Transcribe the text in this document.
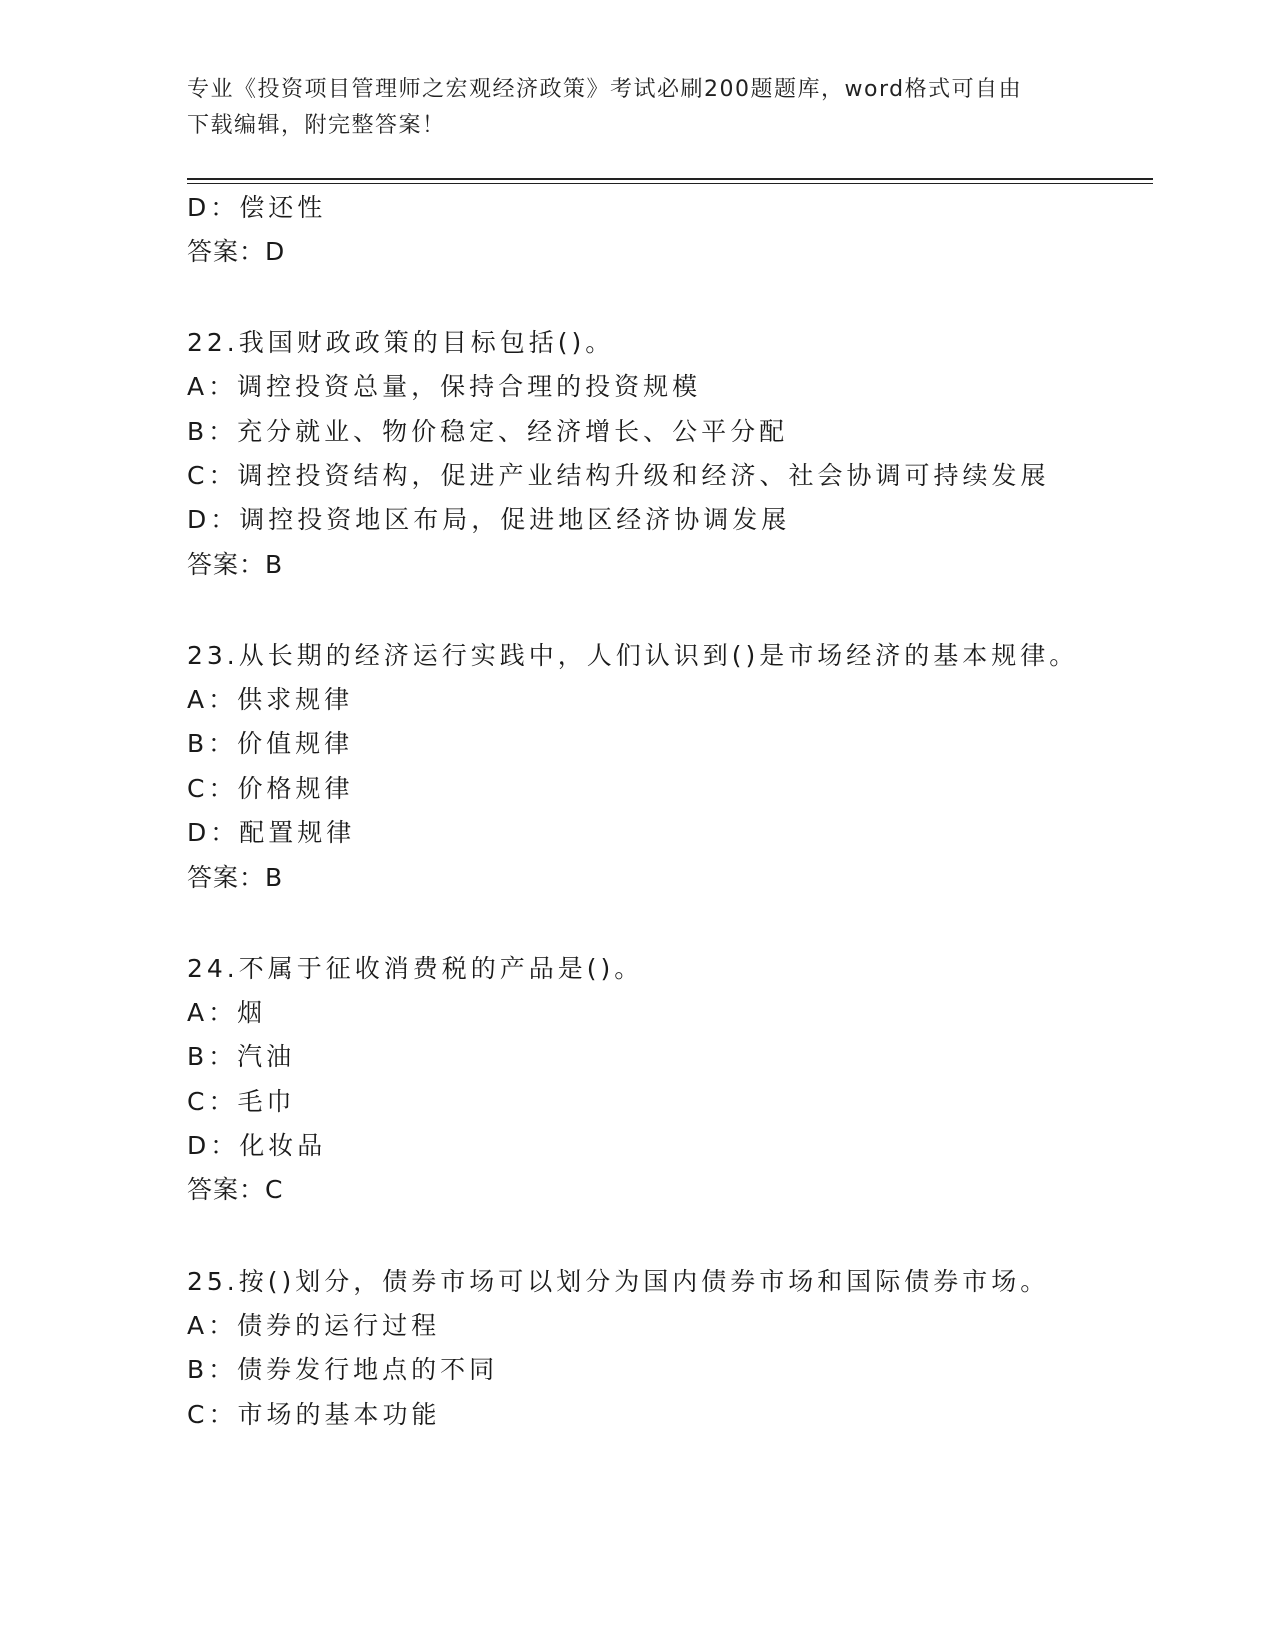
专业《投资项目管理师之宏观经济政策》考试必刷200题题库，word格式可自由
下载编辑，附完整答案！
D：偿还性
答案：D
22.我国财政政策的目标包括()。
A：调控投资总量，保持合理的投资规模
B：充分就业、物价稳定、经济增长、公平分配
C：调控投资结构，促进产业结构升级和经济、社会协调可持续发展
D：调控投资地区布局，促进地区经济协调发展
答案：B
23.从长期的经济运行实践中，人们认识到()是市场经济的基本规律。
A：供求规律
B：价值规律
C：价格规律
D：配置规律
答案：B
24.不属于征收消费税的产品是()。
A：烟
B：汽油
C：毛巾
D：化妆品
答案：C
25.按()划分，债券市场可以划分为国内债券市场和国际债券市场。
A：债券的运行过程
B：债券发行地点的不同
C：市场的基本功能
